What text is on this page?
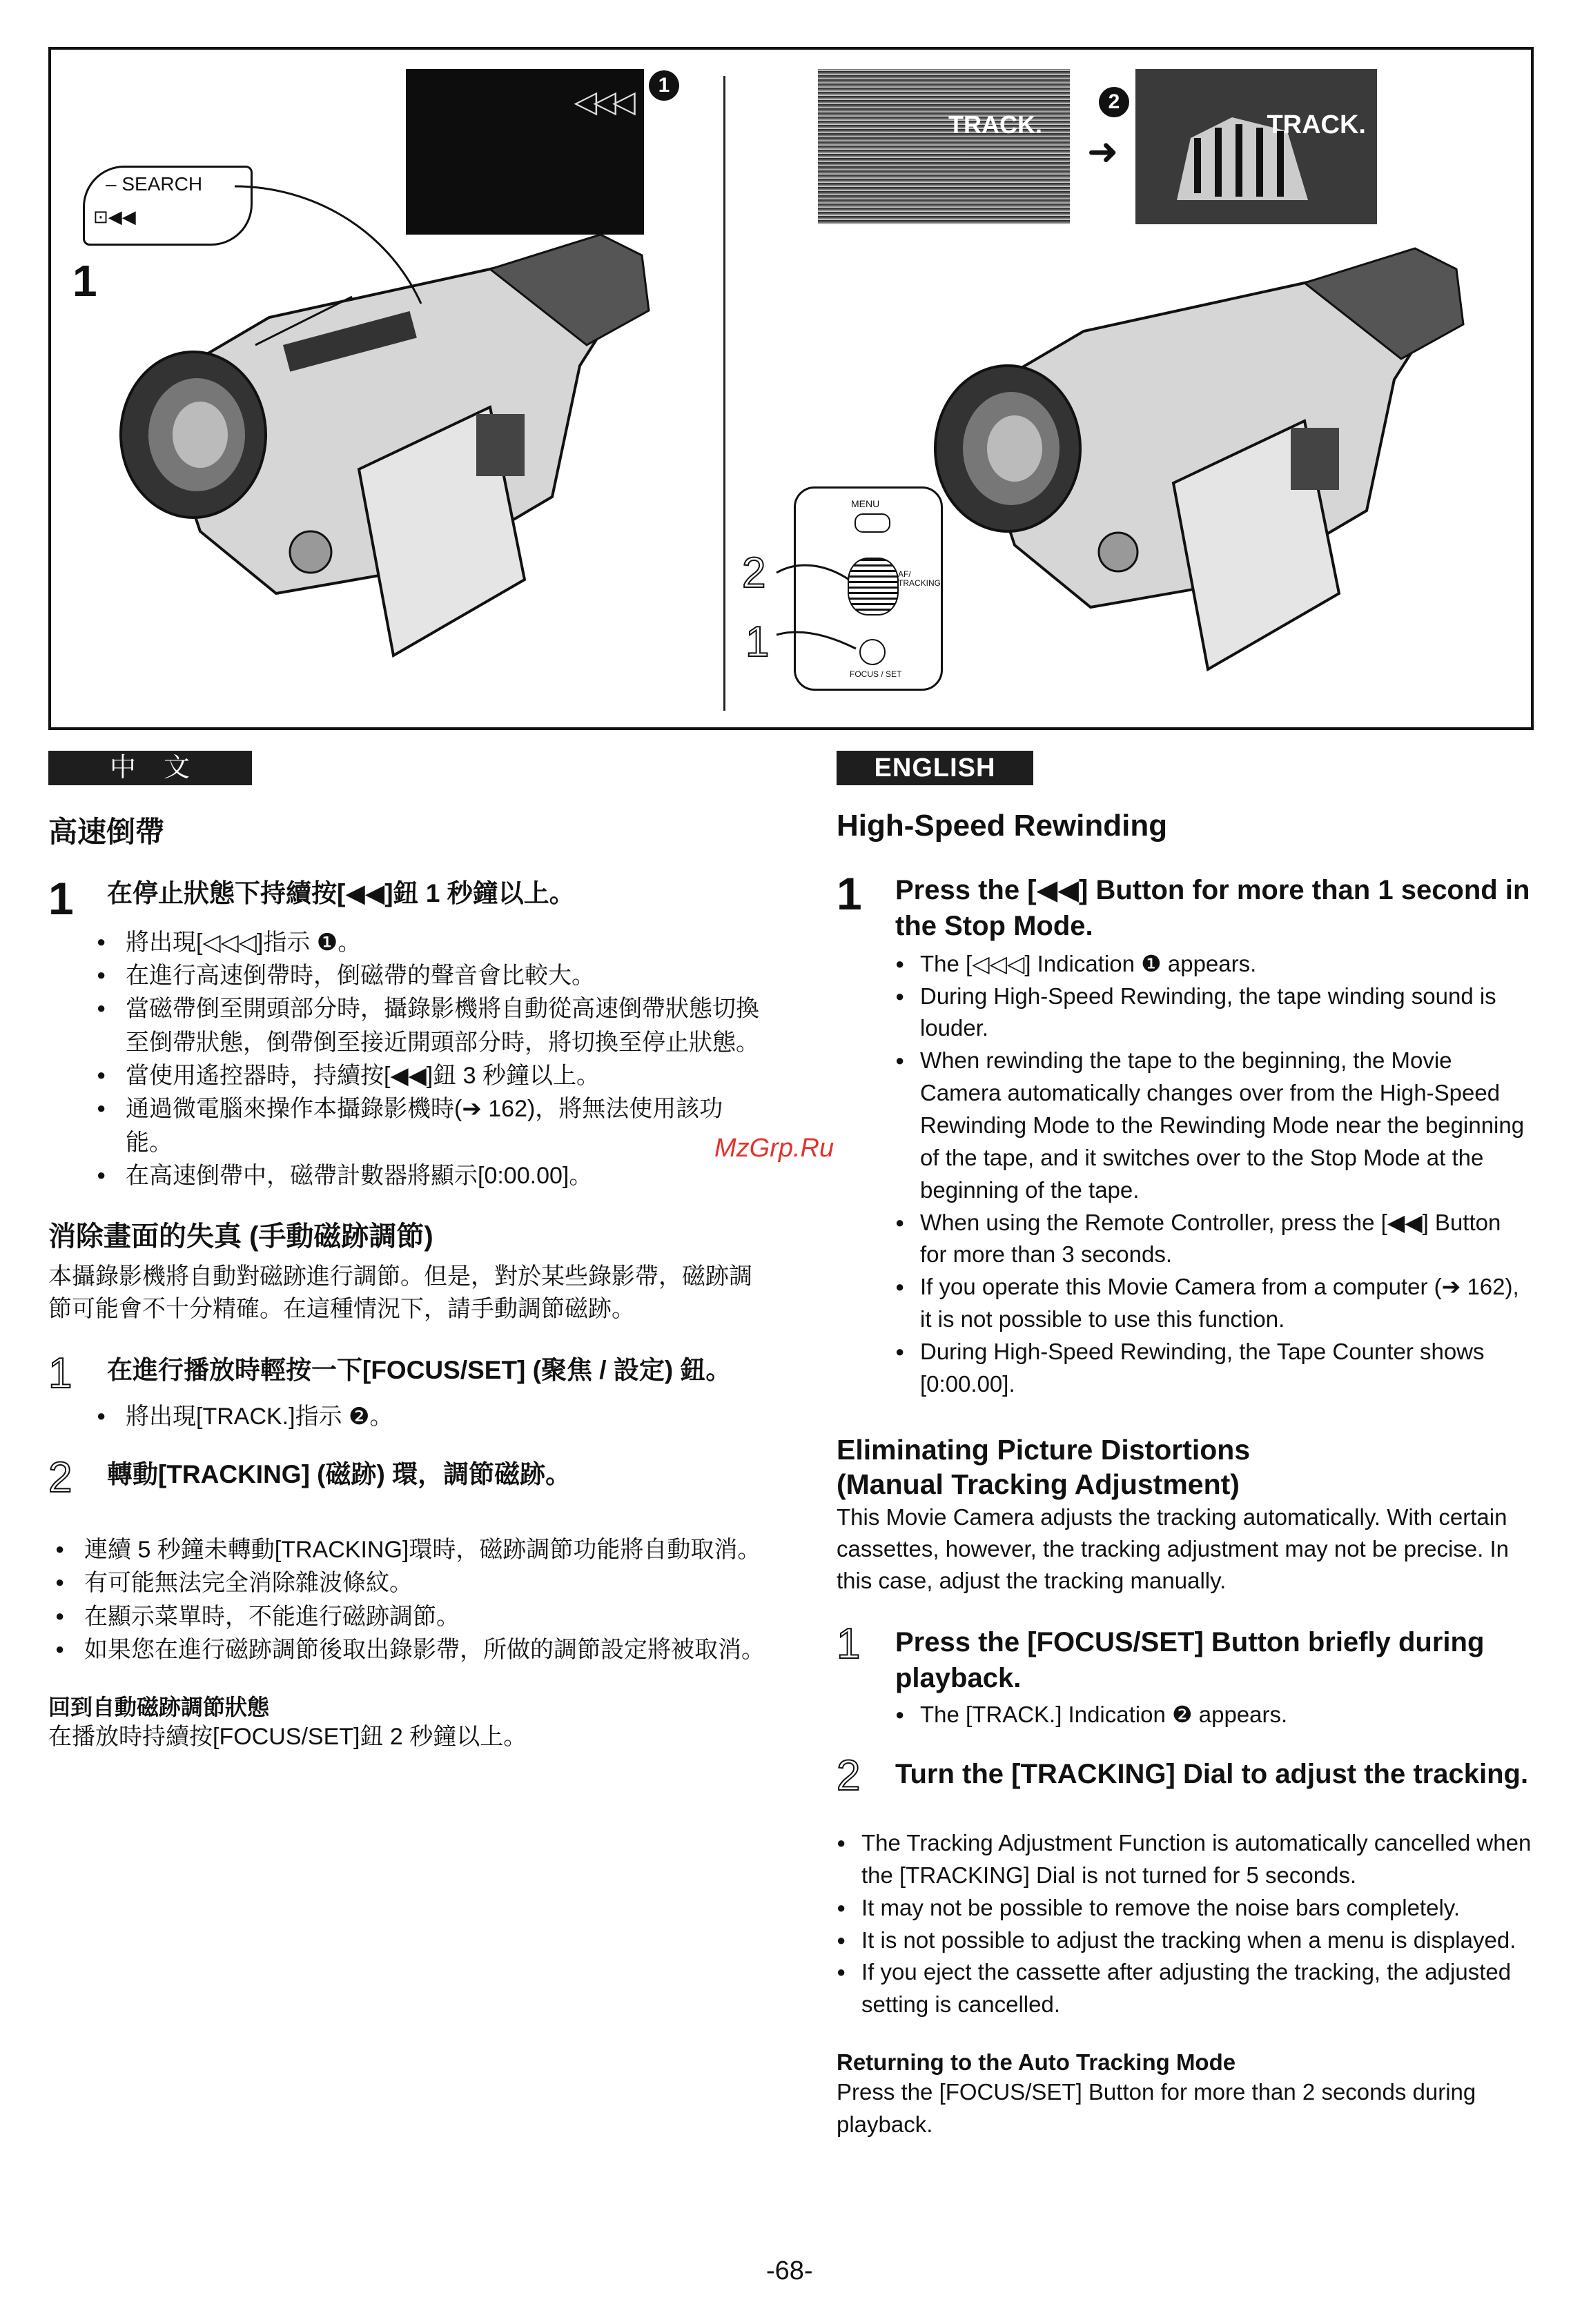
– SEARCH
⊡◀◀
1
◁◁◁	1
TRACK.
2
➜
TRACK.
MENU
AF/ TRACKING
FOCUS / SET
2
1
中　文	ENGLISH
高速倒帶
1	在停止狀態下持續按[◀◀]鈕 1 秒鐘以上。
● 將出現[◁◁◁]指示 ❶。
● 在進行高速倒帶時，倒磁帶的聲音會比較大。
● 當磁帶倒至開頭部分時，攝錄影機將自動從高速倒帶狀態切換至倒帶狀態，倒帶倒至接近開頭部分時，將切換至停止狀態。
● 當使用遙控器時，持續按[◀◀]鈕 3 秒鐘以上。
● 通過微電腦來操作本攝錄影機時(➔ 162)，將無法使用該功能。
● 在高速倒帶中，磁帶計數器將顯示[0:00.00]。
消除畫面的失真 (手動磁跡調節)
本攝錄影機將自動對磁跡進行調節。但是，對於某些錄影帶，磁跡調節可能會不十分精確。在這種情況下，請手動調節磁跡。
1	在進行播放時輕按一下[FOCUS/SET] (聚焦 / 設定) 鈕。
● 將出現[TRACK.]指示 ❷。
2	轉動[TRACKING] (磁跡) 環，調節磁跡。
● 連續 5 秒鐘未轉動[TRACKING]環時，磁跡調節功能將自動取消。
● 有可能無法完全消除雜波條紋。
● 在顯示菜單時，不能進行磁跡調節。
● 如果您在進行磁跡調節後取出錄影帶，所做的調節設定將被取消。
回到自動磁跡調節狀態
在播放時持續按[FOCUS/SET]鈕 2 秒鐘以上。
MzGrp.Ru
High-Speed Rewinding
1	Press the [◀◀] Button for more than 1 second in the Stop Mode.
● The [◁◁◁] Indication ❶ appears.
● During High-Speed Rewinding, the tape winding sound is louder.
● When rewinding the tape to the beginning, the Movie Camera automatically changes over from the High-Speed Rewinding Mode to the Rewinding Mode near the beginning of the tape, and it switches over to the Stop Mode at the beginning of the tape.
● When using the Remote Controller, press the [◀◀] Button for more than 3 seconds.
● If you operate this Movie Camera from a computer (➔ 162), it is not possible to use this function.
● During High-Speed Rewinding, the Tape Counter shows [0:00.00].
Eliminating Picture Distortions
(Manual Tracking Adjustment)
This Movie Camera adjusts the tracking automatically. With certain cassettes, however, the tracking adjustment may not be precise. In this case, adjust the tracking manually.
1	Press the [FOCUS/SET] Button briefly during playback.
● The [TRACK.] Indication ❷ appears.
2	Turn the [TRACKING] Dial to adjust the tracking.
● The Tracking Adjustment Function is automatically cancelled when the [TRACKING] Dial is not turned for 5 seconds.
● It may not be possible to remove the noise bars completely.
● It is not possible to adjust the tracking when a menu is displayed.
● If you eject the cassette after adjusting the tracking, the adjusted setting is cancelled.
Returning to the Auto Tracking Mode
Press the [FOCUS/SET] Button for more than 2 seconds during playback.
-68-
